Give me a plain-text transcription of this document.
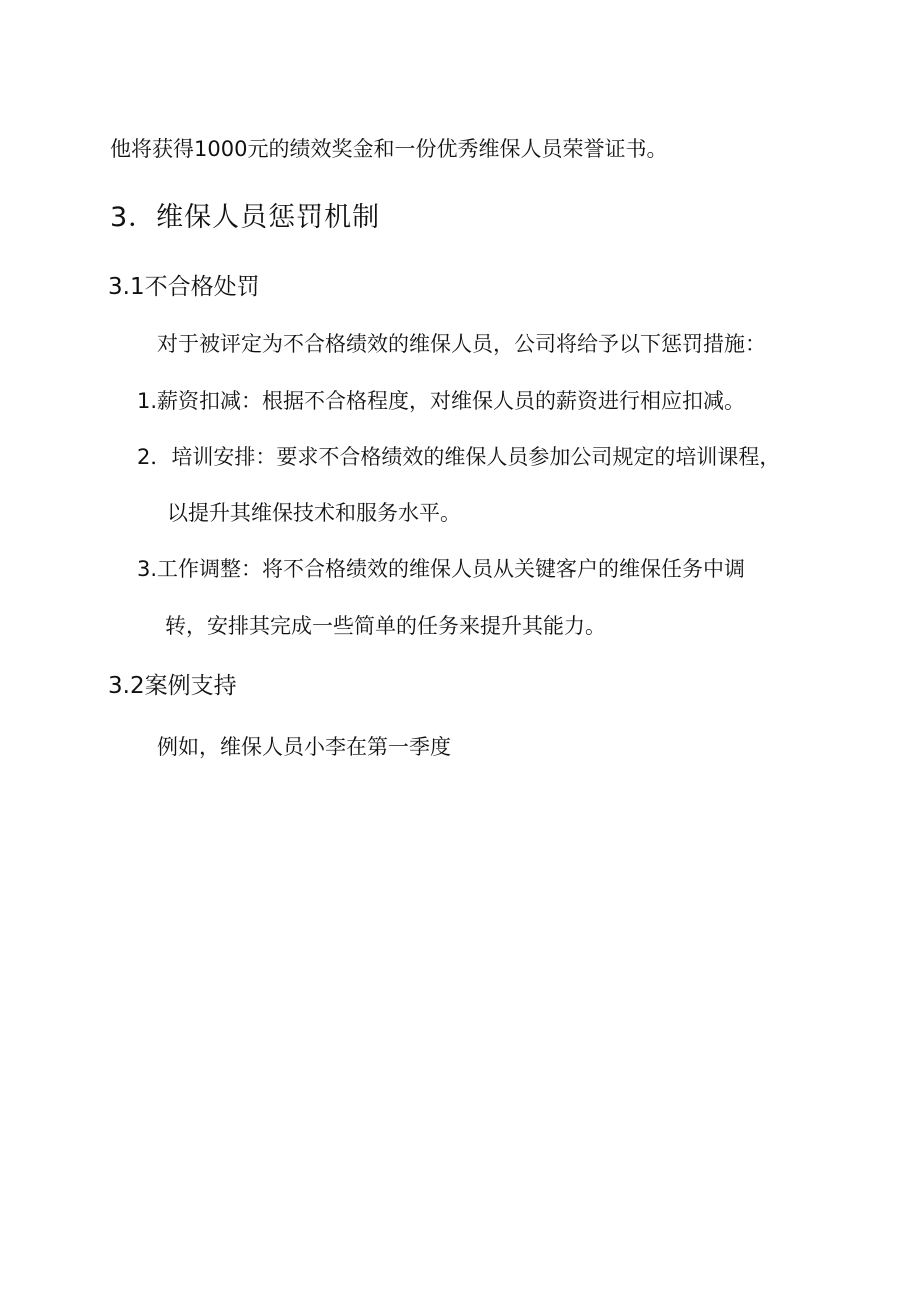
他将获得1000元的绩效奖金和一份优秀维保人员荣誉证书。
3．维保人员惩罚机制
3.1不合格处罚
对于被评定为不合格绩效的维保人员，公司将给予以下惩罚措施：
1.薪资扣减：根据不合格程度，对维保人员的薪资进行相应扣减。
2．培训安排：要求不合格绩效的维保人员参加公司规定的培训课程，
以提升其维保技术和服务水平。
3.工作调整：将不合格绩效的维保人员从关键客户的维保任务中调
转，安排其完成一些简单的任务来提升其能力。
3.2案例支持
例如，维保人员小李在第一季度
